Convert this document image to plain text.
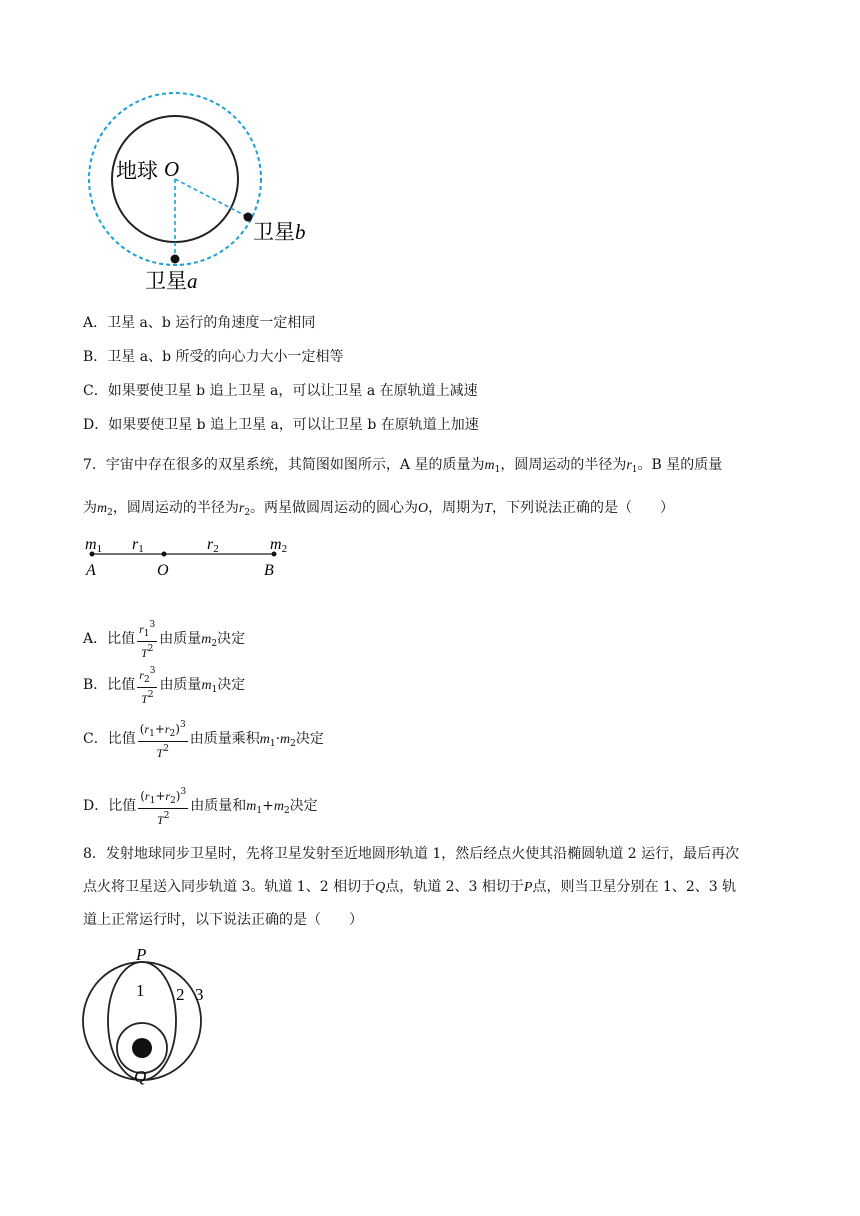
地球 O
卫星b
卫星a
A．卫星 a、b 运行的角速度一定相同
B．卫星 a、b 所受的向心力大小一定相等
C．如果要使卫星 b 追上卫星 a，可以让卫星 a 在原轨道上减速
D．如果要使卫星 b 追上卫星 a，可以让卫星 b 在原轨道上加速
7．宇宙中存在很多的双星系统，其简图如图所示，A 星的质量为$m_1$，圆周运动的半径为$r_1$。B 星的质量
为$m_2$，圆周运动的半径为$r_2$。两星做圆周运动的圆心为O，周期为T，下列说法正确的是（　　）
m1 r1	r2	m2
A	O	B
A．比值 $\frac{r_1^3}{T^2}$ 由质量$m_2$决定
B．比值 $\frac{r_2^3}{T^2}$ 由质量$m_1$决定
C．比值 $\frac{(r_1+r_2)^3}{T^2}$ 由质量乘积$m_1\cdot m_2$决定
D．比值 $\frac{(r_1+r_2)^3}{T^2}$ 由质量和$m_1+m_2$决定
8．发射地球同步卫星时，先将卫星发射至近地圆形轨道 1，然后经点火使其沿椭圆轨道 2 运行，最后再次
点火将卫星送入同步轨道 3。轨道 1、2 相切于Q点，轨道 2、3 相切于P点，则当卫星分别在 1、2、3 轨
道上正常运行时，以下说法正确的是（　　）
P
Q
1 2 3
